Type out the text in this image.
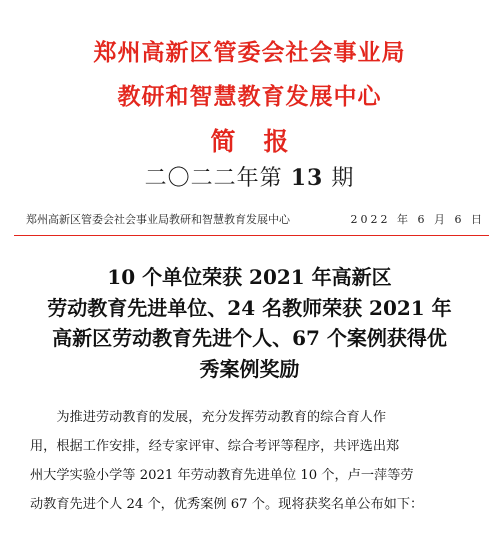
郑州高新区管委会社会事业局
教研和智慧教育发展中心
简报
二〇二二年第 13 期
郑州高新区管委会社会事业局教研和智慧教育发展中心	2022 年 6 月 6 日
10 个单位荣获 2021 年高新区
劳动教育先进单位、24 名教师荣获 2021 年
高新区劳动教育先进个人、67 个案例获得优
秀案例奖励
　　为推进劳动教育的发展，充分发挥劳动教育的综合育人作
用，根据工作安排，经专家评审、综合考评等程序，共评选出郑
州大学实验小学等 2021 年劳动教育先进单位 10 个，卢一萍等劳
动教育先进个人 24 个，优秀案例 67 个。现将获奖名单公布如下：
